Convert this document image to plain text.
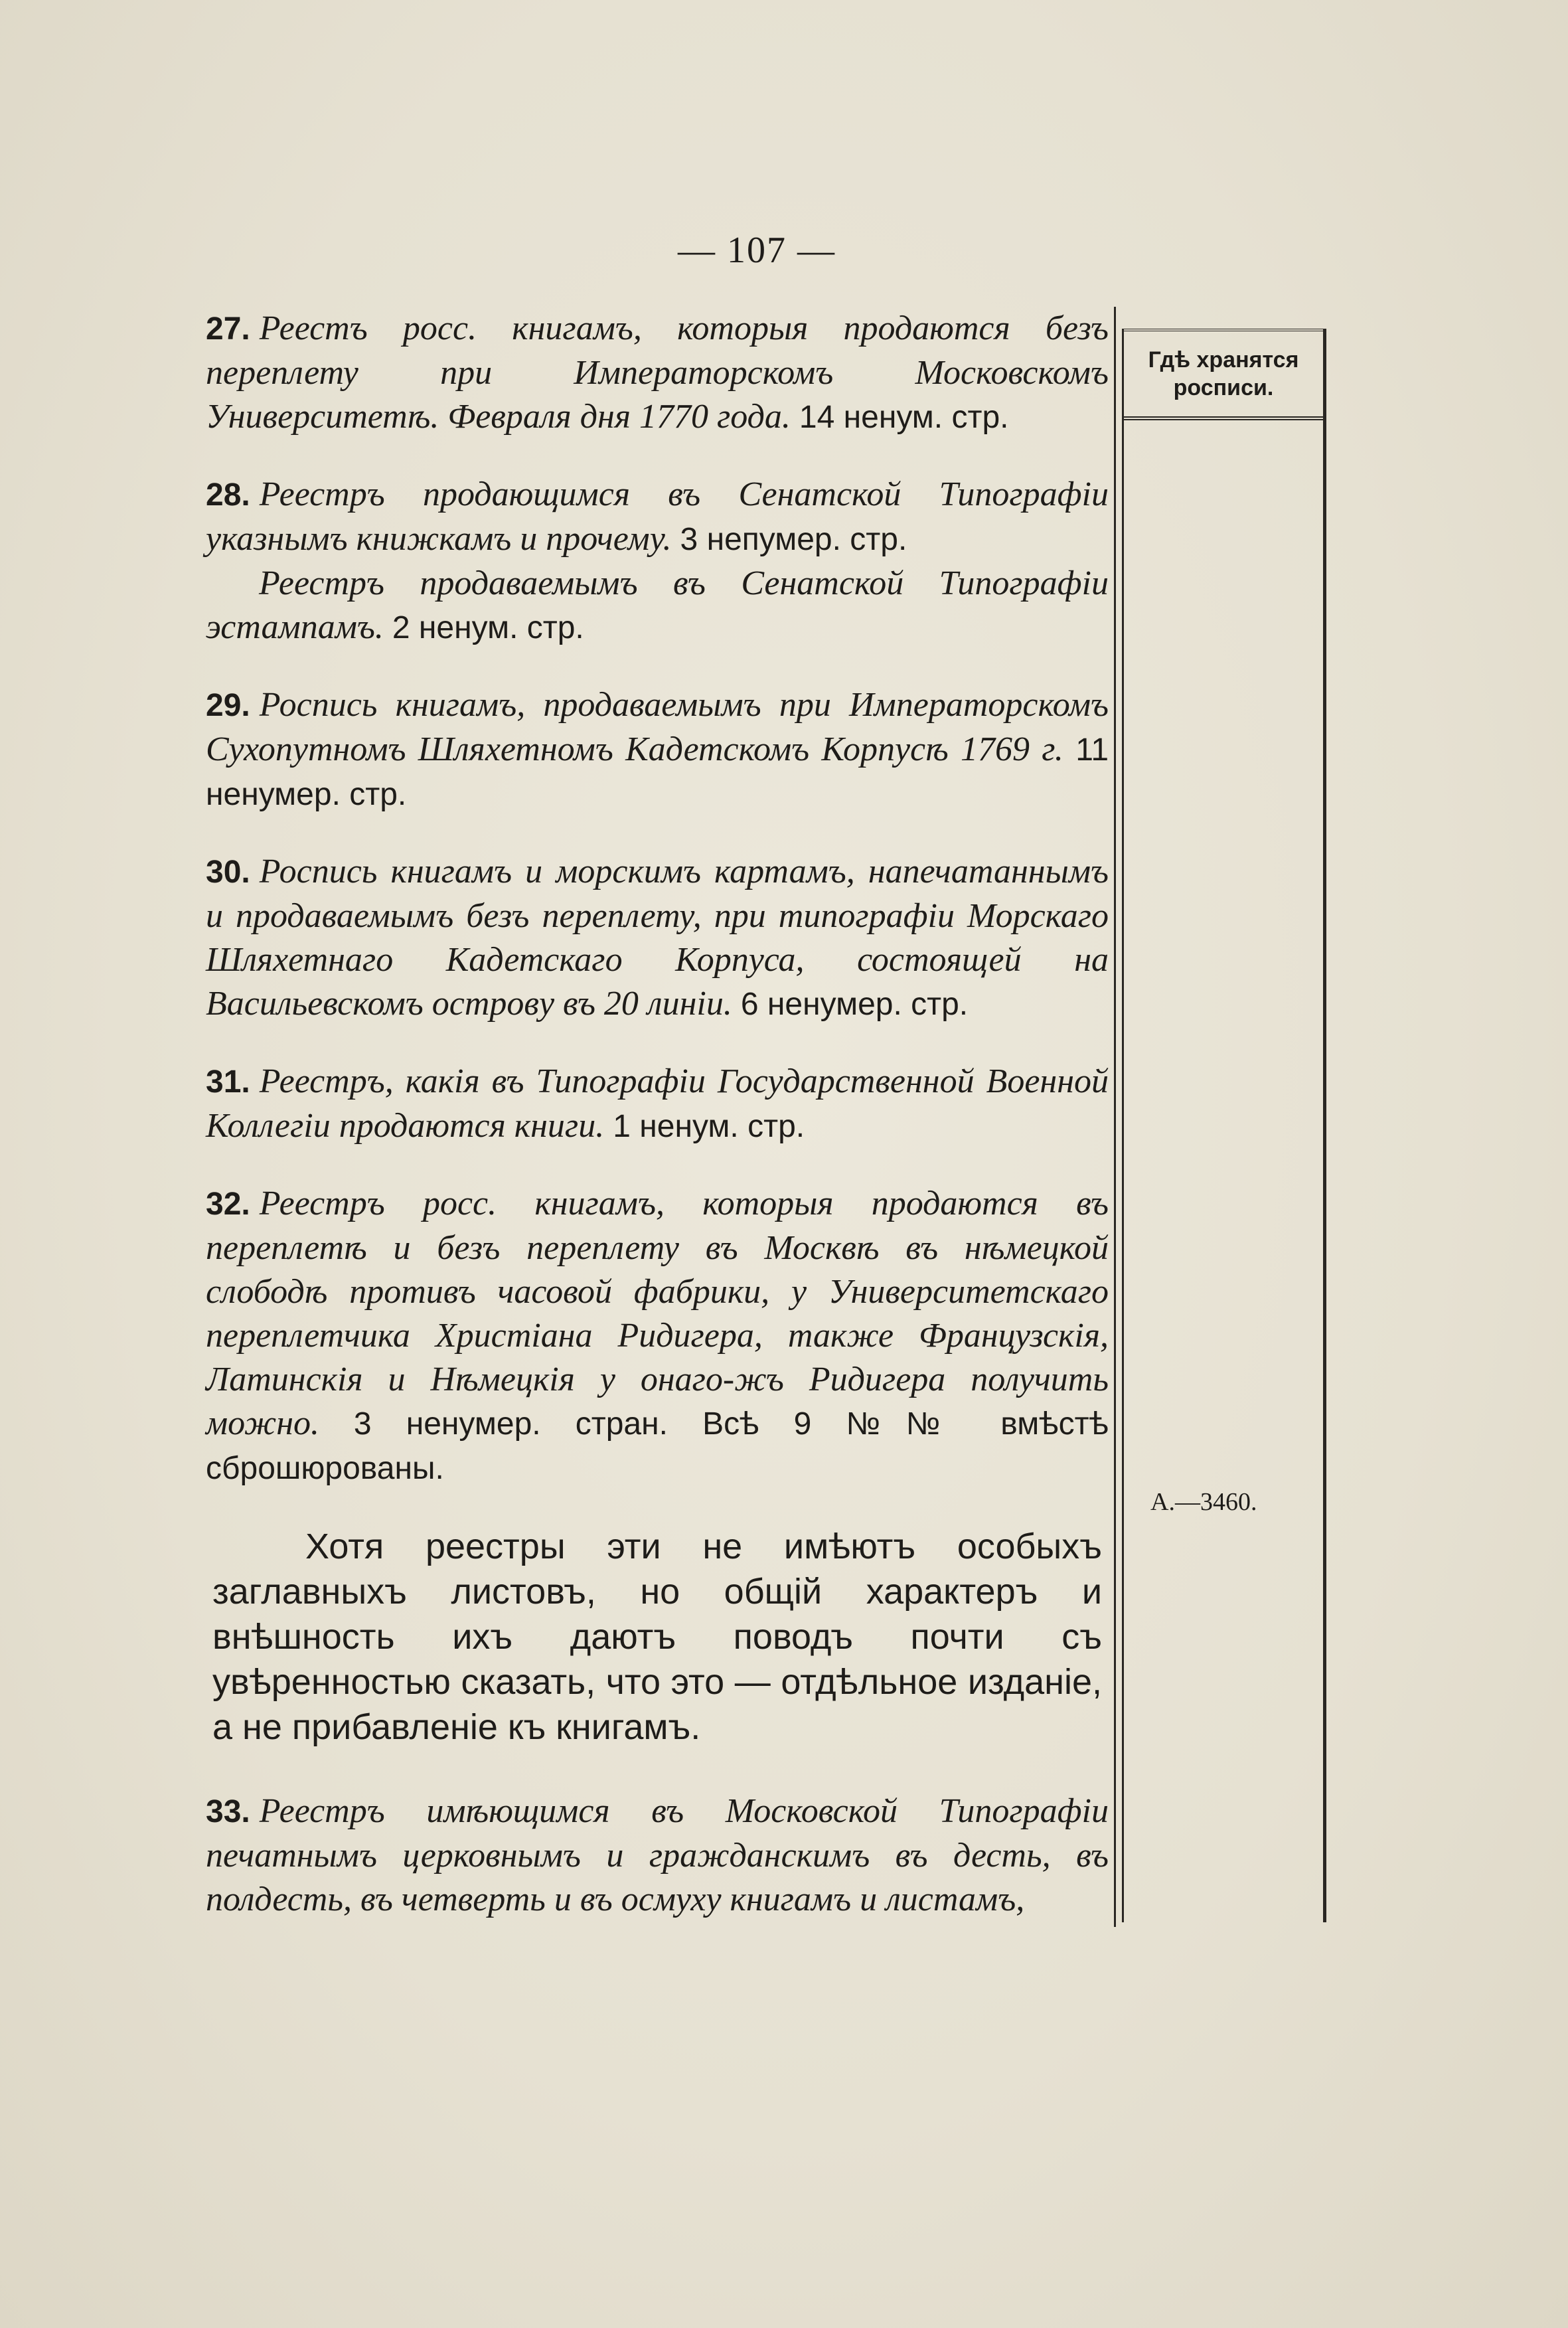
— 107 —

27. Реестъ росс. книгамъ, которыя продаются безъ переплету при Императорскомъ Московскомъ Университетѣ. Февраля дня 1770 года. 14 ненум. стр.

28. Реестръ продающимся въ Сенатской Типографіи указнымъ книжкамъ и прочему. 3 непумер. стр.
Реестръ продаваемымъ въ Сенатской Типографіи эстампамъ. 2 ненум. стр.

29. Роспись книгамъ, продаваемымъ при Императорскомъ Сухопутномъ Шляхетномъ Кадетскомъ Корпусѣ 1769 г. 11 ненумер. стр.

30. Роспись книгамъ и морскимъ картамъ, напечатаннымъ и продаваемымъ безъ переплету, при типографіи Морскаго Шляхетнаго Кадетскаго Корпуса, состоящей на Васильевскомъ острову въ 20 линіи. 6 ненумер. стр.

31. Реестръ, какія въ Типографіи Государственной Военной Коллегіи продаются книги. 1 ненум. стр.

32. Реестръ росс. книгамъ, которыя продаются въ переплетѣ и безъ переплету въ Москвѣ въ нѣмецкой слободѣ противъ часовой фабрики, у Университетскаго переплетчика Христіана Ридигера, также Французскія, Латинскія и Нѣмецкія у онаго-жъ Ридигера получить можно. 3 ненумер. стран. Всѣ 9 №№ вмѣстѣ сброшюрованы.

Хотя реестры эти не имѣютъ особыхъ заглавныхъ листовъ, но общій характеръ и внѣшность ихъ даютъ поводъ почти съ увѣренностью сказать, что это — отдѣльное изданіе, а не прибавленіе къ книгамъ.

33. Реестръ имѣющимся въ Московской Типографіи печатнымъ церковнымъ и гражданскимъ въ десть, въ полдесть, въ четверть и въ осмуху книгамъ и листамъ,

Гдѣ хранятся росписи.
А.—3460.
